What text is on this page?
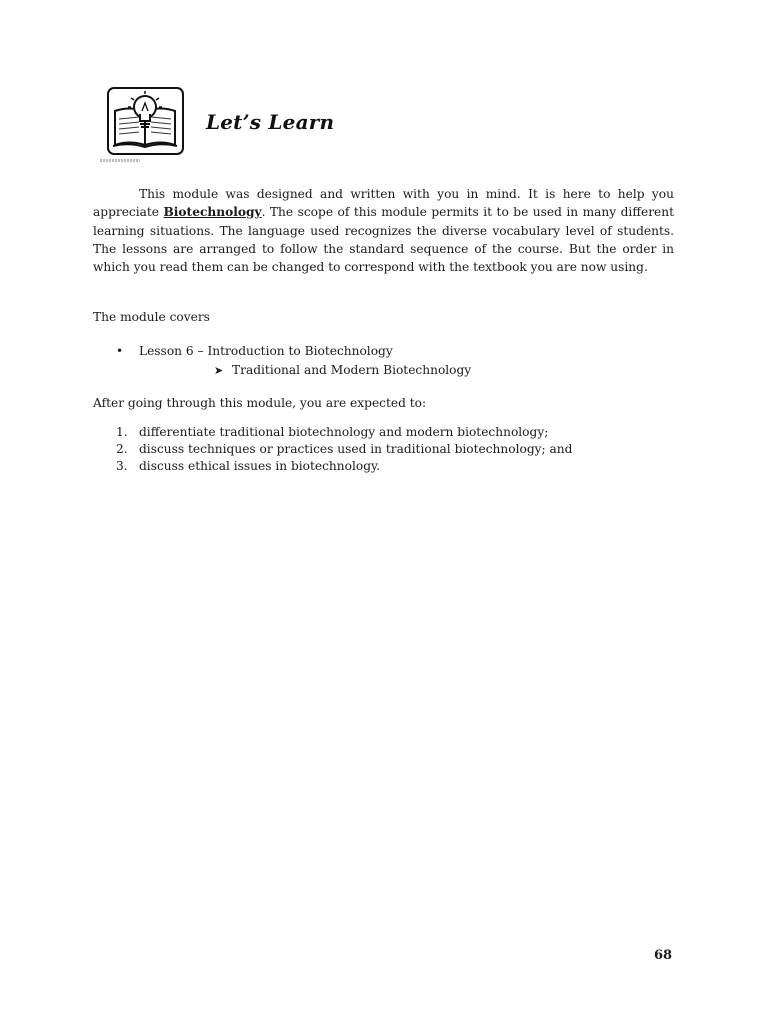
Let’s Learn

This module was designed and written with you in mind. It is here to help you appreciate Biotechnology. The scope of this module permits it to be used in many different learning situations. The language used recognizes the diverse vocabulary level of students. The lessons are arranged to follow the standard sequence of the course. But the order in which you read them can be changed to correspond with the textbook you are now using.

The module covers

• Lesson 6 – Introduction to Biotechnology
➤ Traditional and Modern Biotechnology

After going through this module, you are expected to:

1. differentiate traditional biotechnology and modern biotechnology;
2. discuss techniques or practices used in traditional biotechnology; and
3. discuss ethical issues in biotechnology.
68
